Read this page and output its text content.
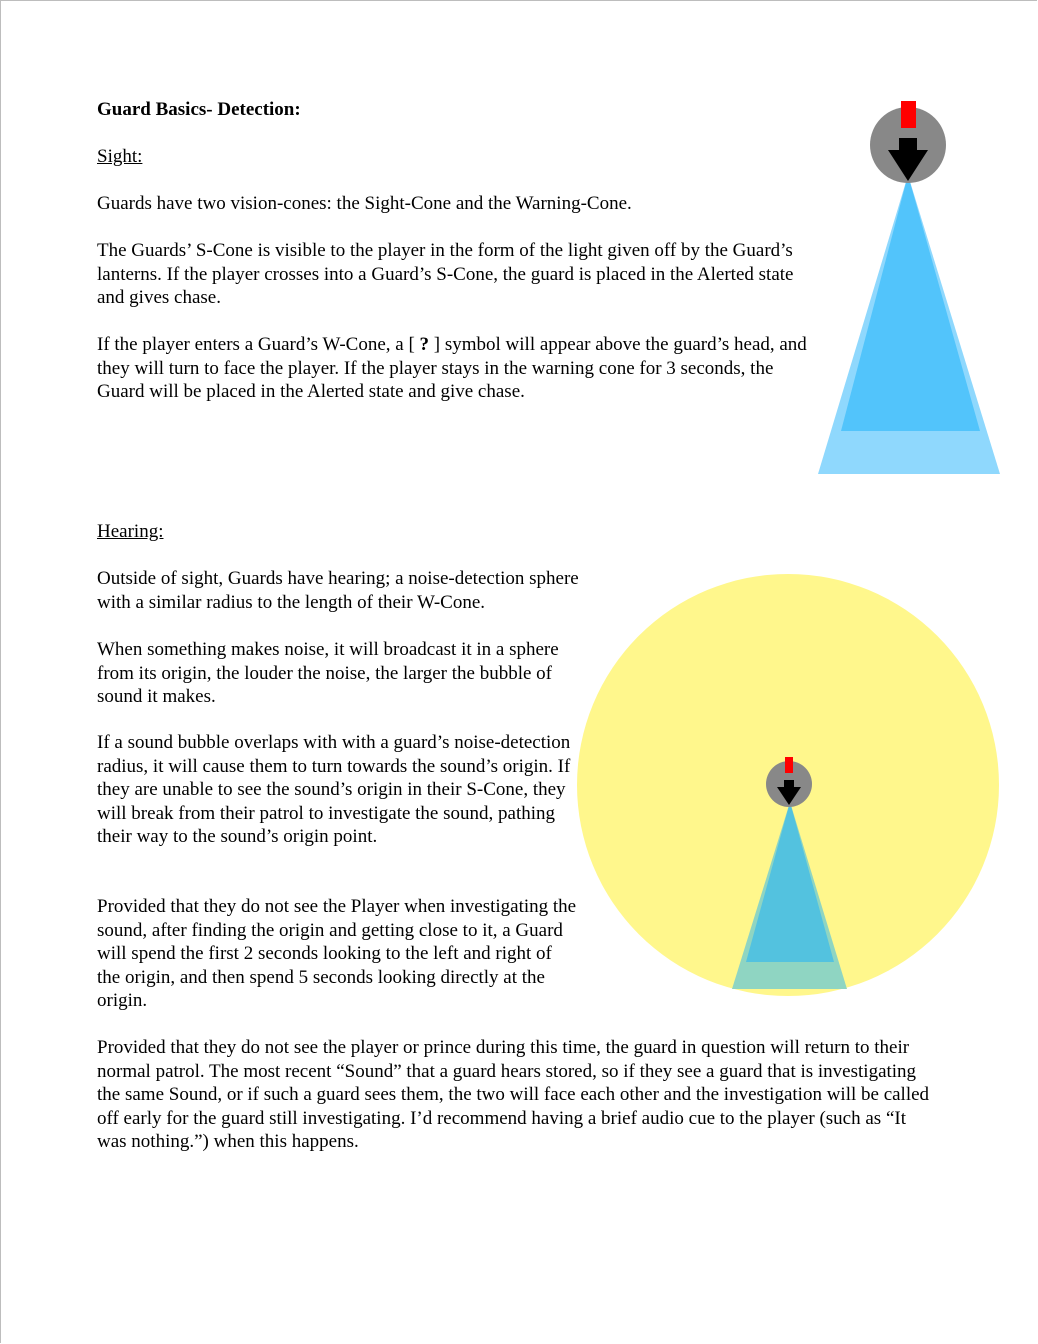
Guard Basics- Detection:
Sight:
Guards have two vision-cones: the Sight-Cone and the Warning-Cone.
The Guards’ S-Cone is visible to the player in the form of the light given off by the Guard’s lanterns. If the player crosses into a Guard’s S-Cone, the guard is placed in the Alerted state and gives chase.
If the player enters a Guard’s W-Cone, a [ ? ] symbol will appear above the guard’s head, and they will turn to face the player. If the player stays in the warning cone for 3 seconds, the Guard will be placed in the Alerted state and give chase.
Hearing:
Outside of sight, Guards have hearing; a noise-detection sphere with a similar radius to the length of their W-Cone.
When something makes noise, it will broadcast it in a sphere from its origin, the louder the noise, the larger the bubble of sound it makes.
If a sound bubble overlaps with with a guard’s noise-detection radius, it will cause them to turn towards the sound’s origin. If they are unable to see the sound’s origin in their S-Cone, they will break from their patrol to investigate the sound, pathing their way to the sound’s origin point.
Provided that they do not see the Player when investigating the sound, after finding the origin and getting close to it, a Guard will spend the first 2 seconds looking to the left and right of the origin, and then spend 5 seconds looking directly at the origin.
Provided that they do not see the player or prince during this time, the guard in question will return to their normal patrol. The most recent “Sound” that a guard hears stored, so if they see a guard that is investigating the same Sound, or if such a guard sees them, the two will face each other and the investigation will be called off early for the guard still investigating. I’d recommend having a brief audio cue to the player (such as “It was nothing.”) when this happens.
